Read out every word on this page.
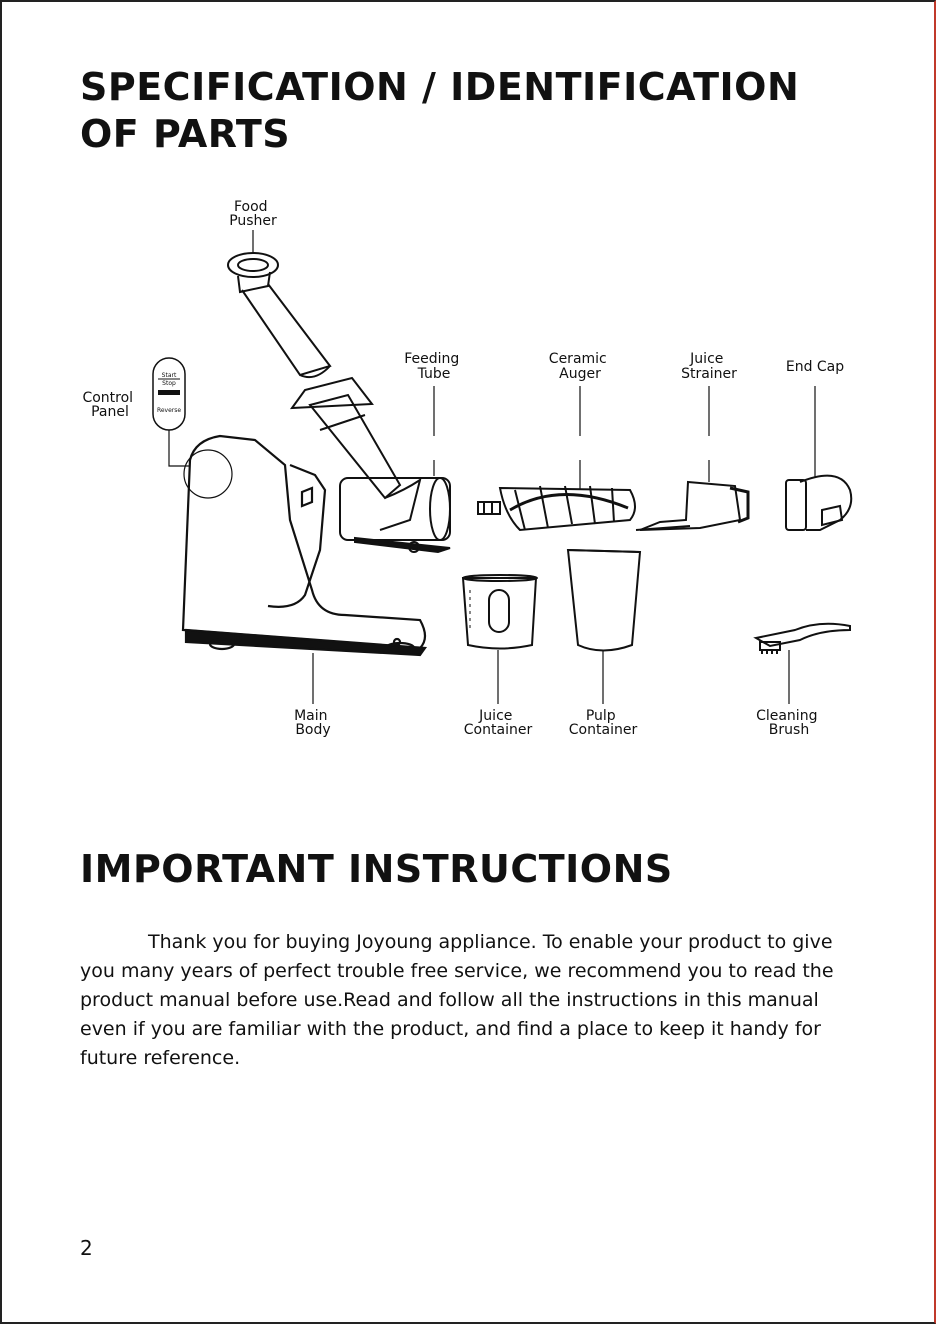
SPECIFICATION / IDENTIFICATION OF PARTS
Food Pusher
Control Panel
Feeding Tube
Ceramic Auger
Juice Strainer	End Cap
Main Body
Juice Container
Pulp Container
Cleaning Brush
Start
Stop
Reverse
IMPORTANT INSTRUCTIONS

Thank you for buying Joyoung appliance. To enable your product to give you many years of perfect trouble free service, we recommend you to read the product manual before use.Read and follow all the instructions in this manual even if you are familiar with the product, and find a place to keep it handy for future reference.

2
